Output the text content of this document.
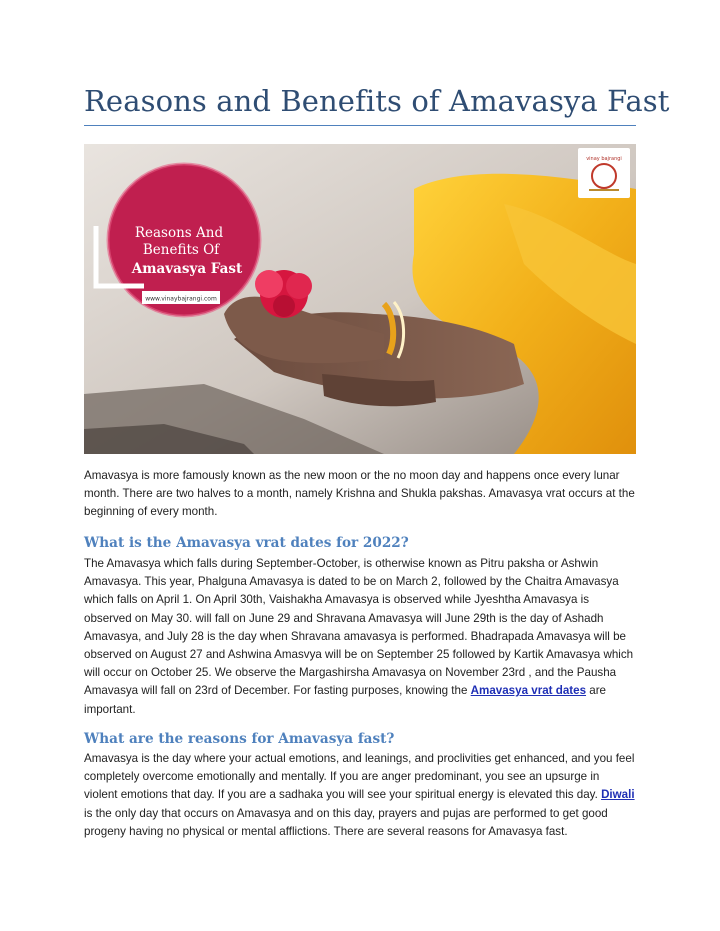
Reasons and Benefits of Amavasya Fast
Reasons And
Benefits Of
Amavasya Fast
www.vinaybajrangi.com
vinay bajrangi

Amavasya is more famously known as the new moon or the no moon day and happens once every lunar month. There are two halves to a month, namely Krishna and Shukla pakshas. Amavasya vrat occurs at the beginning of every month.

What is the Amavasya vrat dates for 2022?

The Amavasya which falls during September-October, is otherwise known as Pitru paksha or Ashwin Amavasya. This year, Phalguna Amavasya is dated to be on March 2, followed by the Chaitra Amavasya which falls on April 1. On April 30th, Vaishakha Amavasya is observed while Jyeshtha Amavasya is observed on May 30. will fall on June 29 and Shravana Amavasya will June 29th is the day of Ashadh Amavasya, and July 28 is the day when Shravana amavasya is performed. Bhadrapada Amavasya will be observed on August 27 and Ashwina Amasvya will be on September 25 followed by Kartik Amavasya which will occur on October 25. We observe the Margashirsha Amavasya on November 23rd , and the Pausha Amavasya will fall on 23rd of December. For fasting purposes, knowing the Amavasya vrat dates are important.

What are the reasons for Amavasya fast?

Amavasya is the day where your actual emotions, and leanings, and proclivities get enhanced, and you feel completely overcome emotionally and mentally. If you are anger predominant, you see an upsurge in violent emotions that day. If you are a sadhaka you will see your spiritual energy is elevated this day. Diwali is the only day that occurs on Amavasya and on this day, prayers and pujas are performed to get good progeny having no physical or mental afflictions. There are several reasons for Amavasya fast.
